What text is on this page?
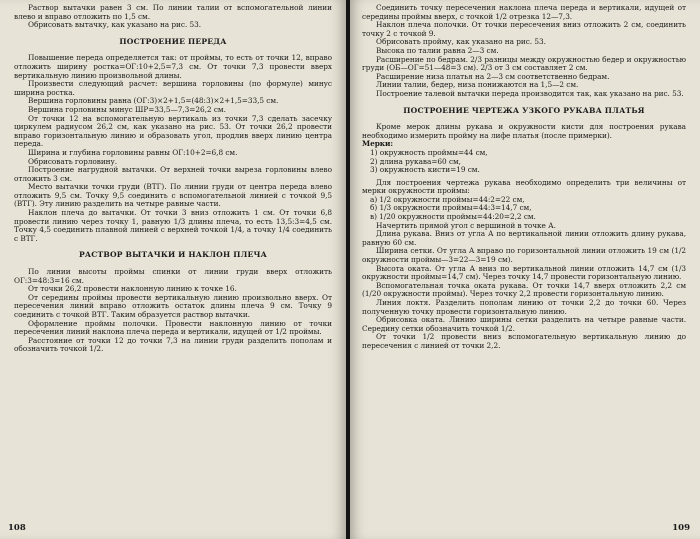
Раствор вытачки равен 3 см. По линии талии от вспомогательной линии влево и вправо отложить по 1,5 см.

Обрисовать вытачку, как указано на рис. 53.

ПОСТРОЕНИЕ ПЕРЕДА

Повышение переда определяется так: от проймы, то есть от точки 12, вправо отложить ширину ростка=ОГ:10+2,5=7,3 см. От точки 7,3 провести вверх вертикальную линию произвольной длины.

Произвести следующий расчет: вершина горловины (по формуле) минус ширина ростка.

Вершина горловины равна (ОГ:3)×2+1,5=(48:3)×2+1,5=33,5 см.

Вершина горловины минус ШР=33,5—7,3=26,2 см.

От точки 12 на вспомогательную вертикаль из точки 7,3 сделать засечку циркулем радиусом 26,2 см, как указано на рис. 53. От точки 26,2 провести вправо горизонтальную линию и образовать угол, продлив вверх линию центра переда.

Ширина и глубина горловины равны ОГ:10+2=6,8 см.

Обрисовать горловину.

Построение нагрудной вытачки. От верхней точки выреза горловины влево отложить 3 см.

Место вытачки точки груди (ВТГ). По линии груди от центра переда влево отложить 9,5 см. Точку 9,5 соединить с вспомогательной линией с точкой 9,5 (ВТГ). Эту линию разделить на четыре равные части.

Наклон плеча до вытачки. От точки 3 вниз отложить 1 см. От точки 6,8 провести линию через точку 1, равную 1/3 длины плеча, то есть 13,5:3=4,5 см. Точку 4,5 соединить плавной линией с верхней точкой 1/4, а точку 1/4 соединить с ВТГ.

РАСТВОР ВЫТАЧКИ И НАКЛОН ПЛЕЧА

По линии высоты проймы спинки от линии груди вверх отложить ОГ:3=48:3=16 см.

От точки 26,2 провести наклонную линию к точке 16.

От середины проймы провести вертикальную линию произвольно вверх. От пересечения линий вправо отложить остаток длины плеча 9 см. Точку 9 соединить с точкой ВТГ. Таким образуется раствор вытачки.

Оформление проймы полочки. Провести наклонную линию от точки пересечения линий наклона плеча переда и вертикали, идущей от 1/2 проймы.

Расстояние от точки 12 до точки 7,3 на линии груди разделить пополам и обозначить точкой 1/2.

108

Соединить точку пересечения наклона плеча переда и вертикали, идущей от середины проймы вверх, с точкой 1/2 отрезка 12—7,3.

Наклон плеча полочки. От точки пересечения вниз отложить 2 см, соединить точку 2 с точкой 9.

Обрисовать пройму, как указано на рис. 53.

Высока по талии равна 2—3 см.

Расширение по бедрам. 2/3 разницы между окружностью бедер и окружностью груди (ОБ—ОГ=51—48=3 см). 2/3 от 3 см составляет 2 см.

Расширение низа платья на 2—3 см соответственно бедрам.

Линии талии, бедер, низа понижаются на 1,5—2 см.

Построение талевой вытачки переда производится так, как указано на рис. 53.

ПОСТРОЕНИЕ ЧЕРТЕЖА УЗКОГО РУКАВА ПЛАТЬЯ

Кроме мерок длины рукава и окружности кисти для построения рукава необходимо измерить пройму на лифе платья (после примерки).

Мерки:

1) окружность проймы=44 см,

2) длина рукава=60 см,

3) окружность кисти=19 см.

Для построения чертежа рукава необходимо определить три величины от мерки окружности проймы:

а) 1/2 окружности проймы=44:2=22 см,

б) 1/3 окружности проймы=44:3=14,7 см,

в) 1/20 окружности проймы=44:20=2,2 см.

Начертить прямой угол с вершиной в точке А.

Длина рукава. Вниз от угла А по вертикальной линии отложить длину рукава, равную 60 см.

Ширина сетки. От угла А вправо по горизонтальной линии отложить 19 см (1/2 окружности проймы—3=22—3=19 см).

Высота оката. От угла А вниз по вертикальной линии отложить 14,7 см (1/3 окружности проймы=14,7 см). Через точку 14,7 провести горизонтальную линию.

Вспомогательная точка оката рукава. От точки 14,7 вверх отложить 2,2 см (1/20 окружности проймы). Через точку 2,2 провести горизонтальную линию.

Линия локтя. Разделить пополам линию от точки 2,2 до точки 60. Через полученную точку провести горизонтальную линию.

Обрисовка оката. Линию ширины сетки разделить на четыре равные части. Середину сетки обозначить точкой 1/2.

От точки 1/2 провести вниз вспомогательную вертикальную линию до пересечения с линией от точки 2,2.

109
